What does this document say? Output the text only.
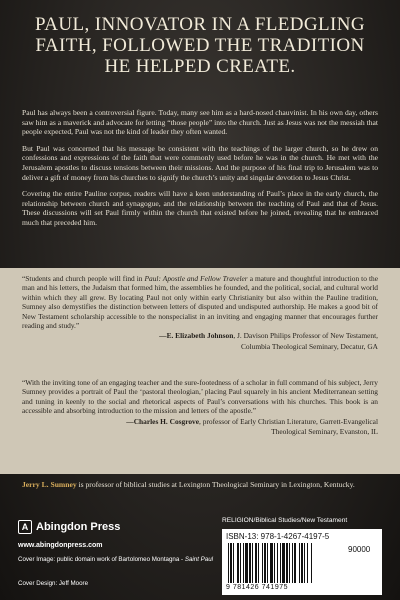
PAUL, INNOVATOR IN A FLEDGLING
FAITH, FOLLOWED THE TRADITION
HE HELPED CREATE.

Paul has always been a controversial figure. Today, many see him as a hard-nosed chauvinist. In his own day, others saw him as a maverick and advocate for letting “those people” into the church. Just as Jesus was not the messiah that people expected, Paul was not the kind of leader they often wanted.

But Paul was concerned that his message be consistent with the teachings of the larger church, so he drew on confessions and expressions of the faith that were commonly used before he was in the church. He met with the Jerusalem apostles to discuss tensions between their missions. And the purpose of his final trip to Jerusalem was to deliver a gift of money from his churches to signify the church’s unity and singular devotion to Jesus Christ.

Covering the entire Pauline corpus, readers will have a keen understanding of Paul’s place in the early church, the relationship between church and synagogue, and the relationship between the teaching of Paul and that of Jesus. These discussions will set Paul firmly within the church that existed before he joined, revealing that he embraced much that preceded him.

“Students and church people will find in Paul: Apostle and Fellow Traveler a mature and thoughtful introduction to the man and his letters, the Judaism that formed him, the assemblies he founded, and the political, social, and cultural world within which they all grew. By locating Paul not only within early Christianity but also within the Pauline tradition, Sumney also demystifies the distinction between letters of disputed and undisputed authorship. He makes a good bit of New Testament scholarship accessible to the nonspecialist in an inviting and engaging manner that encourages further reading and study.”
—E. Elizabeth Johnson, J. Davison Philips Professor of New Testament,
Columbia Theological Seminary, Decatur, GA
“With the inviting tone of an engaging teacher and the sure-footedness of a scholar in full command of his subject, Jerry Sumney provides a portrait of Paul the ‘pastoral theologian,’ placing Paul squarely in his ancient Mediterranean setting and tuning in keenly to the social and rhetorical aspects of Paul’s conversations with his churches. This book is an accessible and absorbing introduction to the mission and letters of the apostle.”
—Charles H. Cosgrove, professor of Early Christian Literature, Garrett-Evangelical
Theological Seminary, Evanston, IL
Jerry L. Sumney is professor of biblical studies at Lexington Theological Seminary in Lexington, Kentucky.
A Abingdon Press
www.abingdonpress.com
Cover Image: public domain work of Bartolomeo Montagna - Saint Paul
Cover Design: Jeff Moore
RELIGION/Biblical Studies/New Testament
ISBN-13: 978-1-4267-4197-5
90000
9 781426 741975
